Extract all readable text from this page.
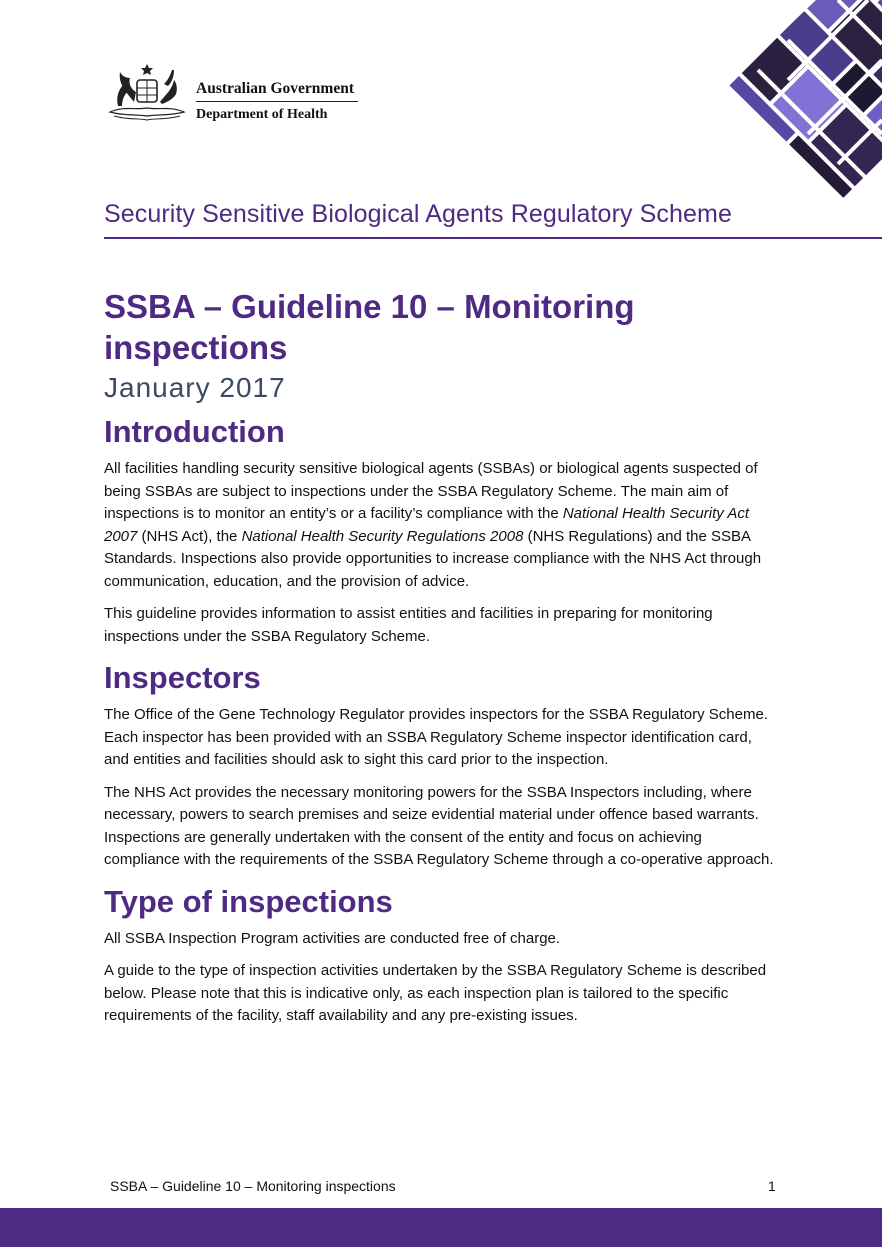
Australian Government
Department of Health
Security Sensitive Biological Agents Regulatory Scheme
SSBA – Guideline 10 – Monitoring inspections
January 2017
Introduction

All facilities handling security sensitive biological agents (SSBAs) or biological agents suspected of being SSBAs are subject to inspections under the SSBA Regulatory Scheme. The main aim of inspections is to monitor an entity’s or a facility’s compliance with the National Health Security Act 2007 (NHS Act), the National Health Security Regulations 2008 (NHS Regulations) and the SSBA Standards. Inspections also provide opportunities to increase compliance with the NHS Act through communication, education, and the provision of advice.

This guideline provides information to assist entities and facilities in preparing for monitoring inspections under the SSBA Regulatory Scheme.

Inspectors

The Office of the Gene Technology Regulator provides inspectors for the SSBA Regulatory Scheme. Each inspector has been provided with an SSBA Regulatory Scheme inspector identification card, and entities and facilities should ask to sight this card prior to the inspection.

The NHS Act provides the necessary monitoring powers for the SSBA Inspectors including, where necessary, powers to search premises and seize evidential material under offence based warrants. Inspections are generally undertaken with the consent of the entity and focus on achieving compliance with the requirements of the SSBA Regulatory Scheme through a co-operative approach.

Type of inspections

All SSBA Inspection Program activities are conducted free of charge.

A guide to the type of inspection activities undertaken by the SSBA Regulatory Scheme is described below. Please note that this is indicative only, as each inspection plan is tailored to the specific requirements of the facility, staff availability and any pre-existing issues.

SSBA – Guideline 10 – Monitoring inspections	1
